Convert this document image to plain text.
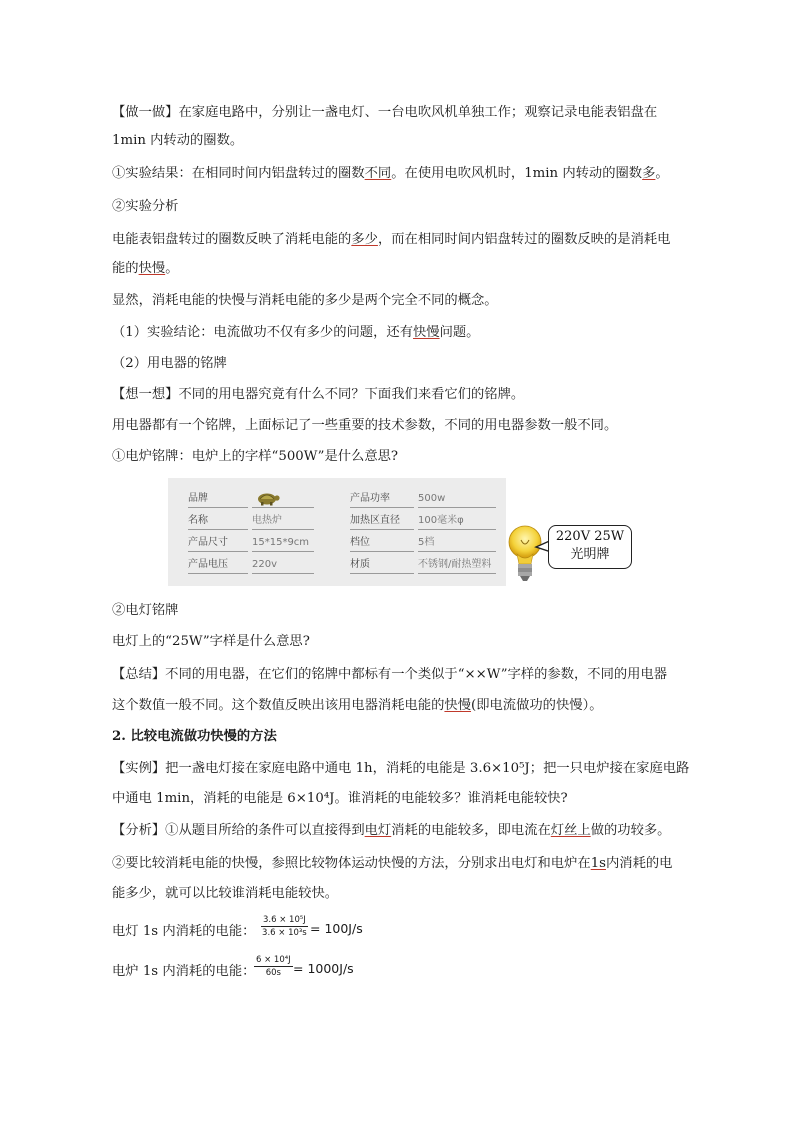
【做一做】在家庭电路中，分别让一盏电灯、一台电吹风机单独工作；观察记录电能表铝盘在
1min 内转动的圈数。
①实验结果：在相同时间内铝盘转过的圈数不同。在使用电吹风机时，1min 内转动的圈数多。
②实验分析
电能表铝盘转过的圈数反映了消耗电能的多少，而在相同时间内铝盘转过的圈数反映的是消耗电
能的快慢。
显然，消耗电能的快慢与消耗电能的多少是两个完全不同的概念。
（1）实验结论：电流做功不仅有多少的问题，还有快慢问题。
（2）用电器的铭牌
【想一想】不同的用电器究竟有什么不同？下面我们来看它们的铭牌。
用电器都有一个铭牌，上面标记了一些重要的技术参数，不同的用电器参数一般不同。
①电炉铭牌：电炉上的字样“500W”是什么意思?
品牌	产品功率	500w
名称	电热炉	加热区直径	100毫米φ
产品尺寸	15*15*9cm	档位	5档
产品电压	220v	材质	不锈钢/耐热塑料
220V 25W
光明牌
②电灯铭牌
电灯上的“25W”字样是什么意思?
【总结】不同的用电器，在它们的铭牌中都标有一个类似于“××W”字样的参数，不同的用电器
这个数值一般不同。这个数值反映出该用电器消耗电能的快慢(即电流做功的快慢）。
2. 比较电流做功快慢的方法
【实例】把一盏电灯接在家庭电路中通电 1h，消耗的电能是 3.6×10⁵J；把一只电炉接在家庭电路
中通电 1min，消耗的电能是 6×10⁴J。谁消耗的电能较多？谁消耗电能较快?
【分析】①从题目所给的条件可以直接得到电灯消耗的电能较多，即电流在灯丝上做的功较多。
②要比较消耗电能的快慢，参照比较物体运动快慢的方法，分别求出电灯和电炉在1s内消耗的电
能多少，就可以比较谁消耗电能较快。
电灯 1s 内消耗的电能： $\frac{\text{3.6 × 10⁵J}}{\text{3.6 × 10³s}} = 100J/s$
电炉 1s 内消耗的电能：
$\frac{\text{6 × 10⁴J}}{60s} = 1000J/s$
